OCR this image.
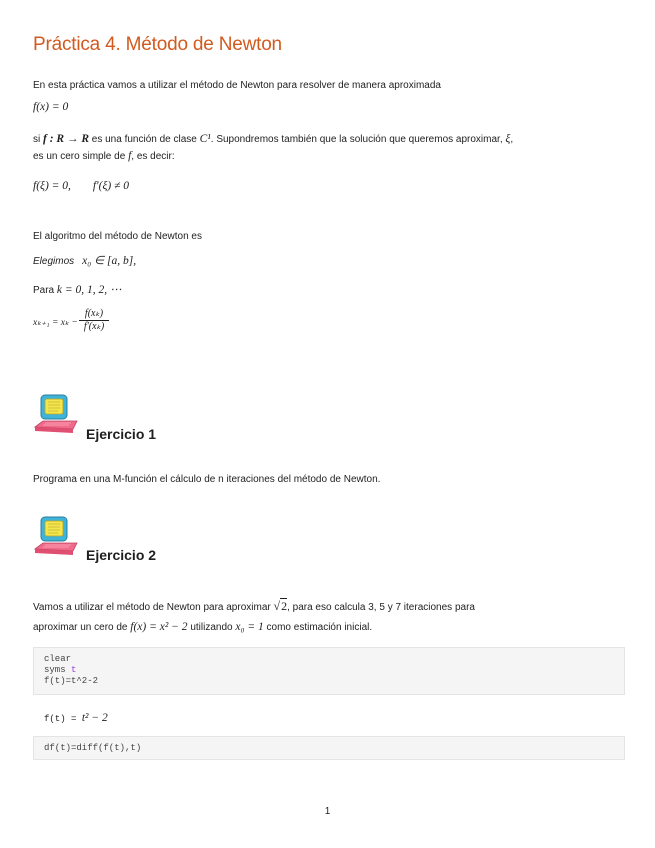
Práctica 4. Método de Newton
En esta práctica vamos a utilizar el método de Newton para resolver de manera aproximada
f(x) = 0
si f : R → R es una función de clase C¹. Supondremos también que la solución que queremos aproximar, ξ,
es un cero simple de f, es decir:
f(ξ) = 0, f′(ξ) ≠ 0
El algoritmo del método de Newton es
Elegimos x₀ ∈ [a, b],
Para k = 0, 1, 2, ⋯
xₖ₊₁ = xₖ −
f(xₖ)
f′(xₖ)
Ejercicio 1
Programa en una M-función el cálculo de n iteraciones del método de Newton.
Ejercicio 2
Vamos a utilizar el método de Newton para aproximar √2, para eso calcula 3, 5 y 7 iteraciones para
aproximar un cero de f(x) = x² − 2 utilizando x₀ = 1 como estimación inicial.
clear
syms t
f(t)=t^2-2
f(t) = t² − 2
df(t)=diff(f(t),t)
1
